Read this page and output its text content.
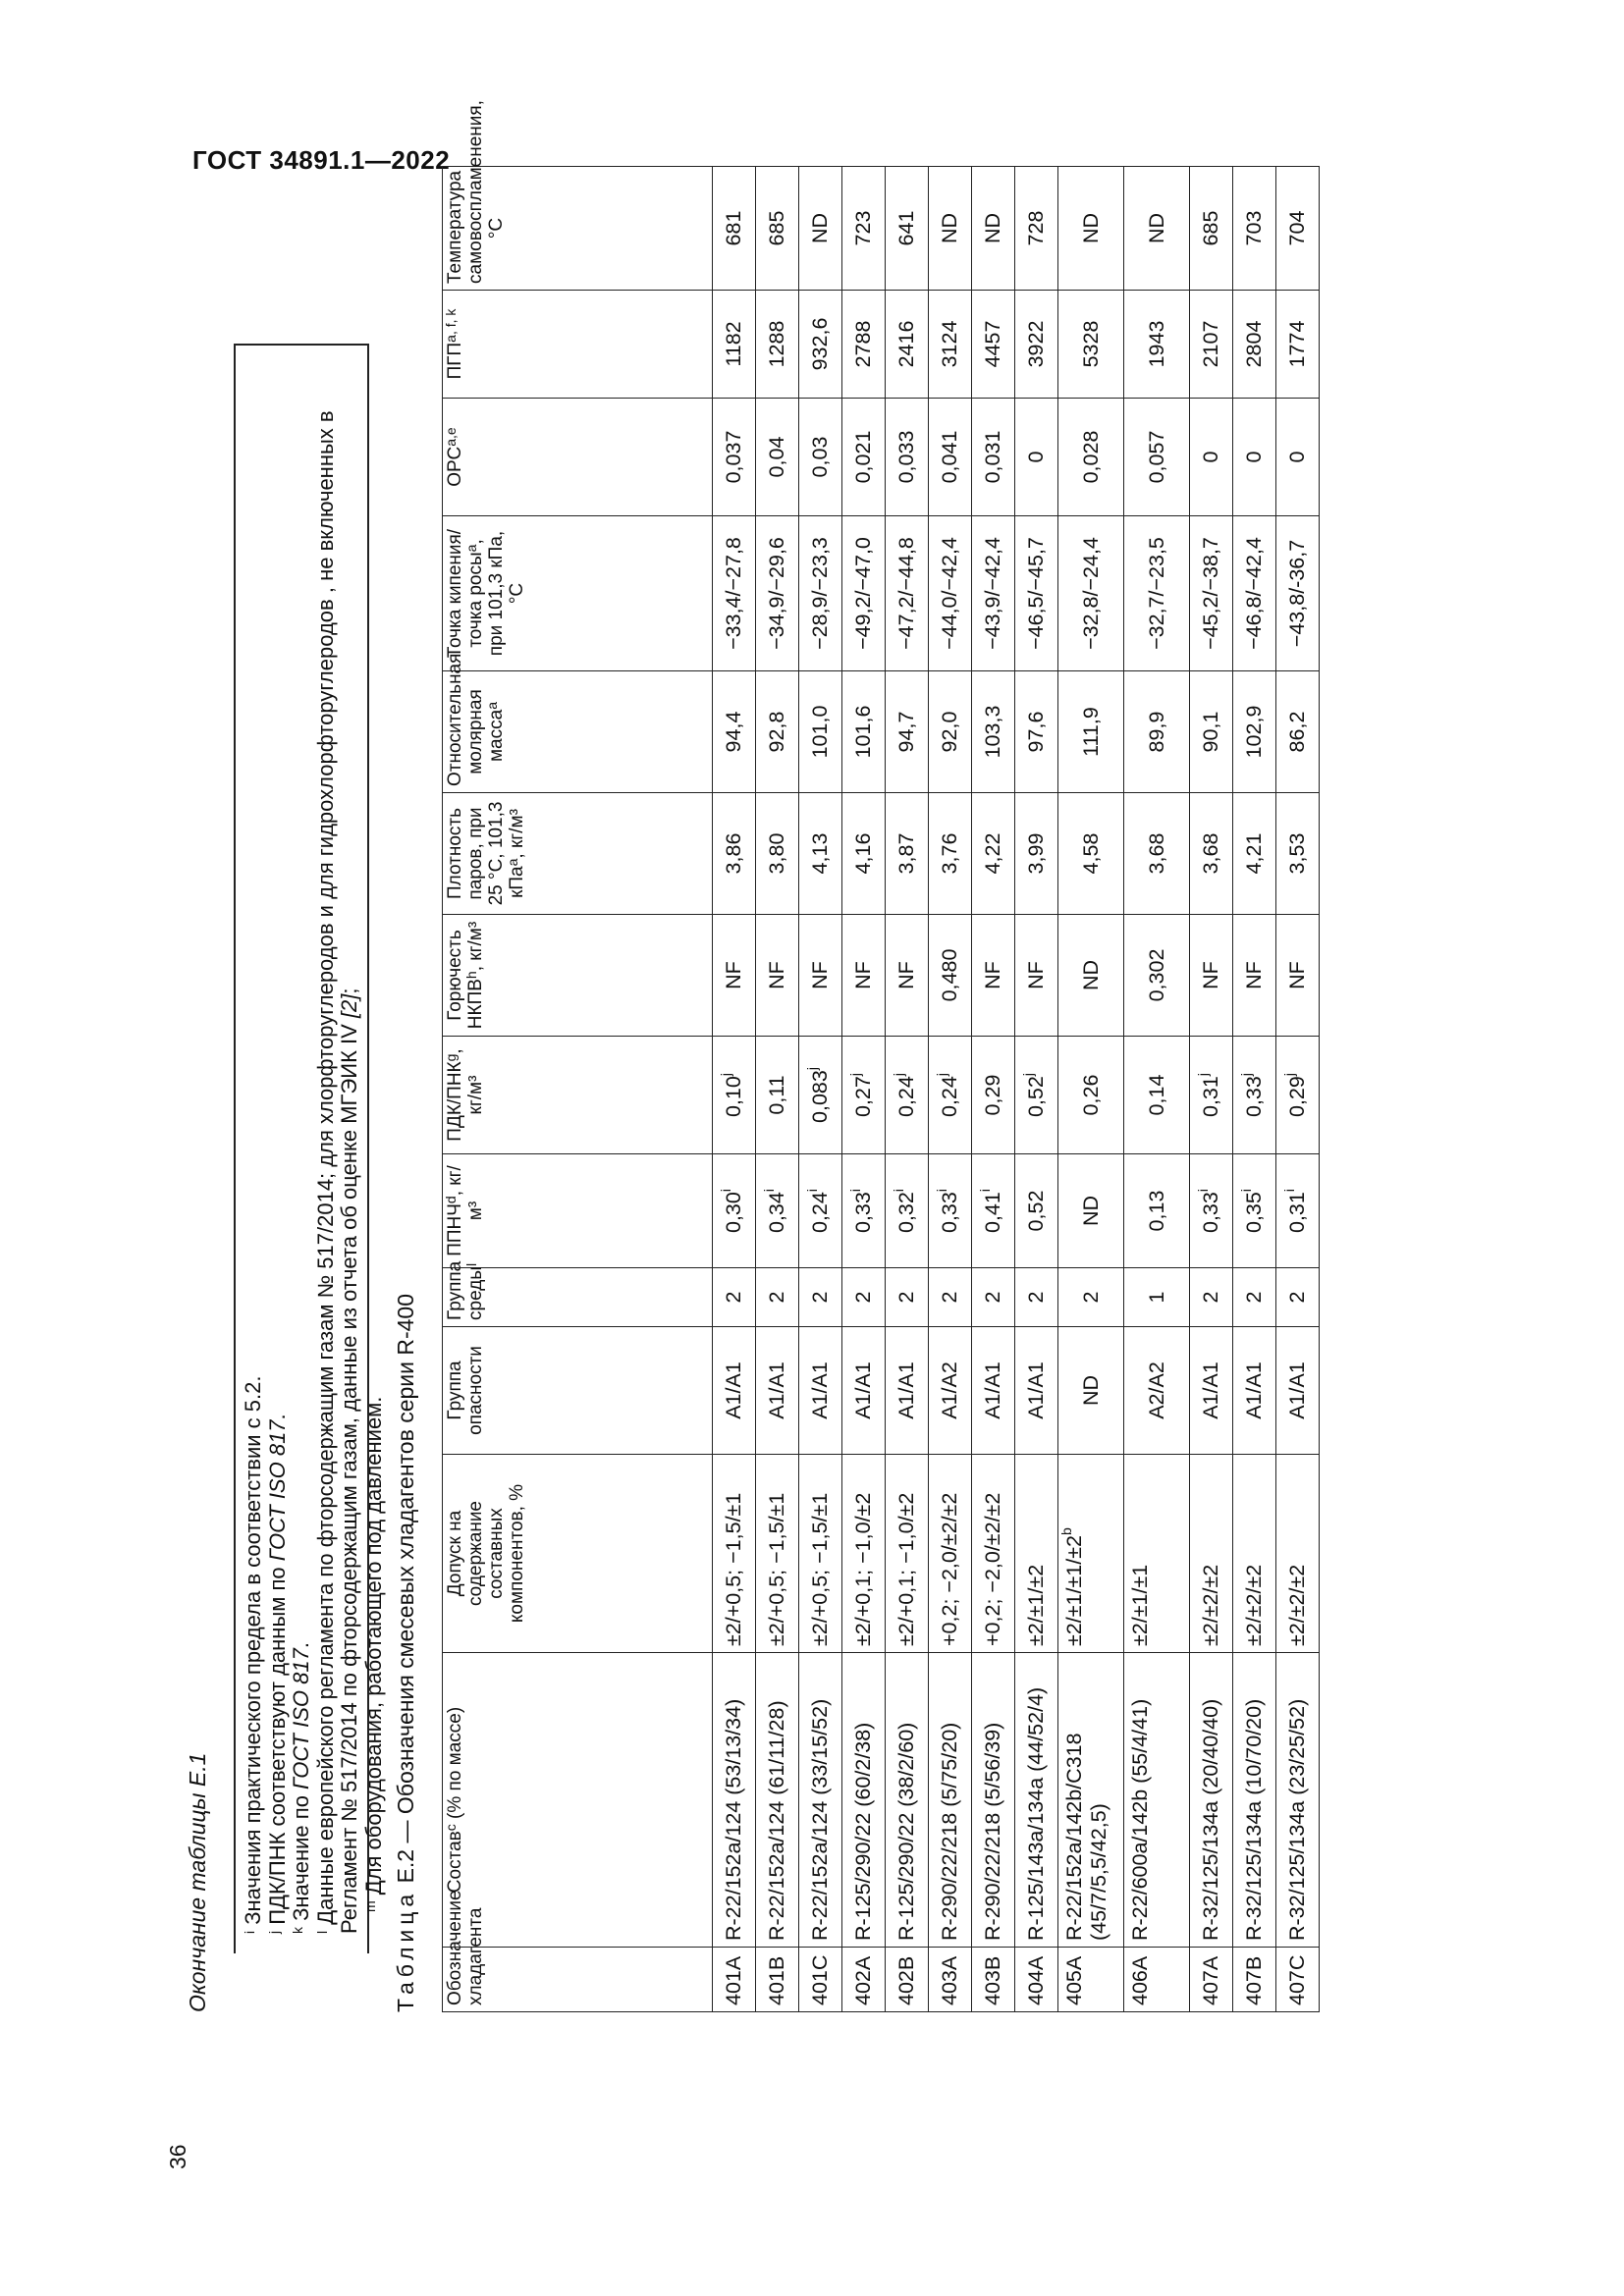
ГОСТ 34891.1—2022
36
Окончание таблицы Е.1 $^i$ Значения практического предела в соответствии с 5.2.
$^j$ ПДК/ПНК соответствуют данным по ГОСТ ISO 817.
$^k$ Значение по ГОСТ ISO 817.
$^l$ Данные европейского регламента по фторсодержащим газам № 517/2014; для хлорфторуглеродов и для гидрохлорфторуглеродов , не включенных в Регламент № 517/2014 по фторсодержащим газам, данные из отчета об оценке МГЭИК IV [2];
$^m$ Для оборудования, работающего под давлением.
Таблица Е.2 — Обозначения смесевых хладагентов серии R-400
Обозначение хладагента	Состав$^c$ (% по массе)	Допуск на содержание составных компонентов, %	Группа опасности	Группа среды$^l$	ППНЧ$^d$, кг/м³	ПДК/ПНК$^g$, кг/м³	Горючесть НКПВ$^h$, кг/м³	Плотность паров, при 25 °С, 101,3 кПа$^a$, кг/м³	Относительная молярная масса$^a$	Точка кипения/точка росы$^a$, при 101,3 кПа, °С	ОРС$^{a,e}$	ПГП$^{a, f, k}$	Температура самовоспламенения, °С
401A	R-22/152a/124 (53/13/34)	±2/+0,5; −1,5/±1	A1/A1	2	0,30$^i$	0,10$^j$	NF	3,86	94,4	−33,4/−27,8	0,037	1182	681
401B	R-22/152a/124 (61/11/28)	±2/+0,5; −1,5/±1	A1/A1	2	0,34$^i$	0,11	NF	3,80	92,8	−34,9/−29,6	0,04	1288	685
401C	R-22/152a/124 (33/15/52)	±2/+0,5; −1,5/±1	A1/A1	2	0,24$^i$	0,083$^j$	NF	4,13	101,0	−28,9/−23,3	0,03	932,6	ND
402A	R-125/290/22 (60/2/38)	±2/+0,1; −1,0/±2	A1/A1	2	0,33$^i$	0,27$^j$	NF	4,16	101,6	−49,2/−47,0	0,021	2788	723
402B	R-125/290/22 (38/2/60)	±2/+0,1; −1,0/±2	A1/A1	2	0,32$^i$	0,24$^j$	NF	3,87	94,7	−47,2/−44,8	0,033	2416	641
403A	R-290/22/218 (5/75/20)	+0,2; −2,0/±2/±2	A1/A2	2	0,33$^i$	0,24$^j$	0,480	3,76	92,0	−44,0/−42,4	0,041	3124	ND
403B	R-290/22/218 (5/56/39)	+0,2; −2,0/±2/±2	A1/A1	2	0,41$^i$	0,29	NF	4,22	103,3	−43,9/−42,4	0,031	4457	ND
404A	R-125/143a/134a (44/52/4)	±2/±1/±2	A1/A1	2	0,52	0,52$^j$	NF	3,99	97,6	−46,5/−45,7	0	3922	728
405A	R-22/152a/142b/C318 (45/7/5,5/42,5)	$\pm 2/\pm 1/\pm 1/\pm 2^b$	ND	2	ND	0,26	ND	4,58	111,9	−32,8/−24,4	0,028	5328	ND
406A	R-22/600a/142b (55/4/41)	±2/±1/±1	A2/A2	1	0,13	0,14	0,302	3,68	89,9	−32,7/−23,5	0,057	1943	ND
407A	R-32/125/134a (20/40/40)	±2/±2/±2	A1/A1	2	0,33$^i$	0,31$^j$	NF	3,68	90,1	−45,2/−38,7	0	2107	685
407B	R-32/125/134a (10/70/20)	±2/±2/±2	A1/A1	2	0,35$^i$	0,33$^j$	NF	4,21	102,9	−46,8/−42,4	0	2804	703
407C	R-32/125/134a (23/25/52)	±2/±2/±2	A1/A1	2	0,31$^i$	0,29$^j$	NF	3,53	86,2	−43,8/-36,7	0	1774	704
